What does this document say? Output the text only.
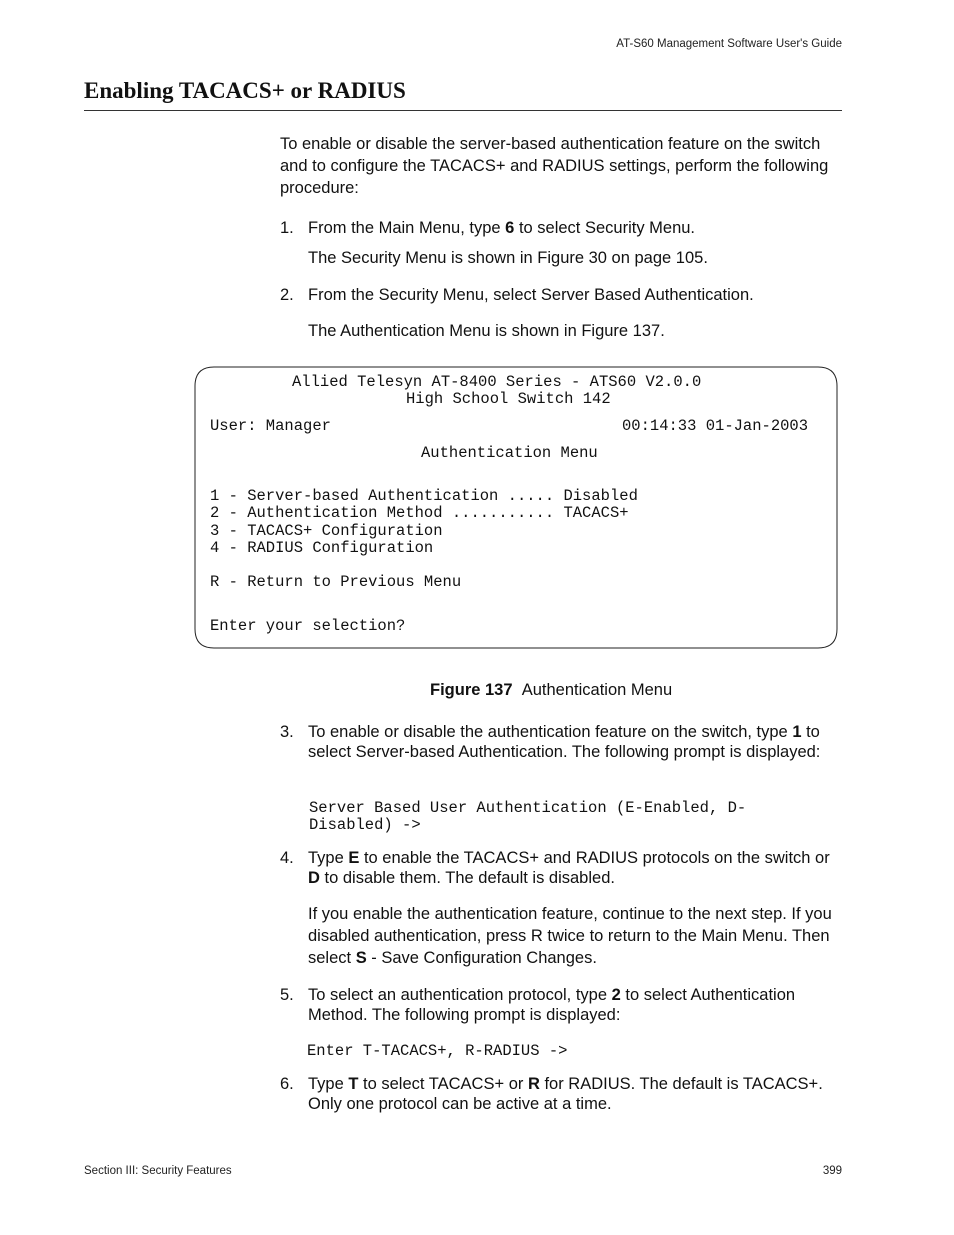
AT-S60 Management Software User's Guide
Enabling TACACS+ or RADIUS
To enable or disable the server-based authentication feature on the switch and to configure the TACACS+ and RADIUS settings, perform the following procedure:
1. From the Main Menu, type 6 to select Security Menu.
The Security Menu is shown in Figure 30 on page 105.
2. From the Security Menu, select Server Based Authentication.
The Authentication Menu is shown in Figure 137.
Allied Telesyn AT-8400 Series - ATS60 V2.0.0
High School Switch 142
User: Manager	00:14:33 01-Jan-2003
Authentication Menu
1 - Server-based Authentication ..... Disabled
2 - Authentication Method ........... TACACS+
3 - TACACS+ Configuration
4 - RADIUS Configuration
R - Return to Previous Menu
Enter your selection?
Figure 137 Authentication Menu
3. To enable or disable the authentication feature on the switch, type 1 to select Server-based Authentication. The following prompt is displayed:
Server Based User Authentication (E-Enabled, D-
Disabled) ->
4. Type E to enable the TACACS+ and RADIUS protocols on the switch or D to disable them. The default is disabled.
If you enable the authentication feature, continue to the next step. If you disabled authentication, press R twice to return to the Main Menu. Then select S - Save Configuration Changes.
5. To select an authentication protocol, type 2 to select Authentication Method. The following prompt is displayed:
Enter T-TACACS+, R-RADIUS ->
6. Type T to select TACACS+ or R for RADIUS. The default is TACACS+. Only one protocol can be active at a time.
Section III: Security Features	399
